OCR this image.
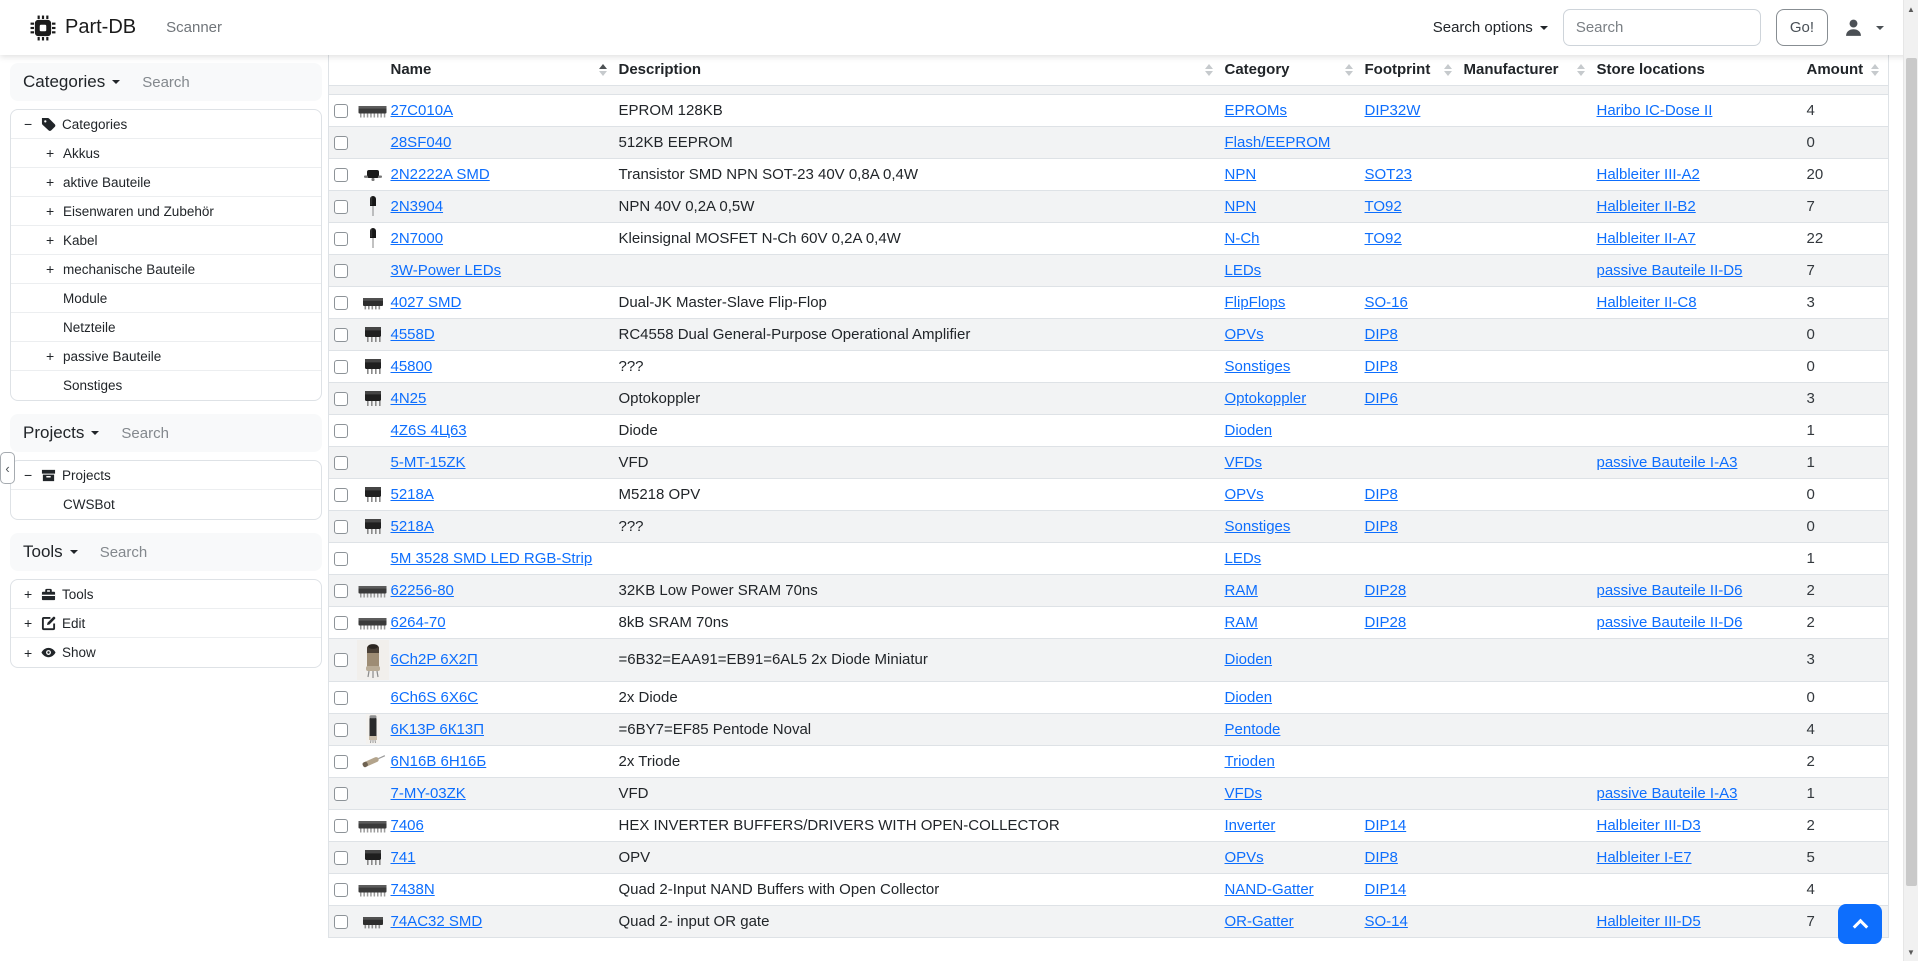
Part-DB Scanner	Search options
Search	Go!
Categories
Search
−	Categories
+ Akkus
+ aktive Bauteile
+ Eisenwaren und Zubehör
+ Kabel
+ mechanische Bauteile
Module
Netzteile
+ passive Bauteile
Sonstiges
Projects
Search
−	Projects
CWSBot
Tools
Search
+	Tools
+	Edit
+	Show
‹

		Name	Description	Category	Footprint	Manufacturer	Store locations	Amount

	27C010A	EPROM 128KB	EPROMs	DIP32W		Haribo IC-Dose II	4
		28SF040	512KB EEPROM	Flash/EEPROM				0

	2N2222A SMD	Transistor SMD NPN SOT-23 40V 0,8A 0,4W	NPN	SOT23		Halbleiter III-A2	20

	2N3904	NPN 40V 0,2A 0,5W	NPN	TO92		Halbleiter II-B2	7

	2N7000	Kleinsignal MOSFET N-Ch 60V 0,2A 0,4W	N-Ch	TO92		Halbleiter II-A7	22
		3W-Power LEDs		LEDs			passive Bauteile II-D5	7

	4027 SMD	Dual-JK Master-Slave Flip-Flop	FlipFlops	SO-16		Halbleiter II-C8	3

	4558D	RC4558 Dual General-Purpose Operational Amplifier	OPVs	DIP8			0

	45800	???	Sonstiges	DIP8			0

	4N25	Optokoppler	Optokoppler	DIP6			3
		4Z6S 4Ц63	Diode	Dioden				1
		5-MT-15ZK	VFD	VFDs			passive Bauteile I-A3	1

	5218A	M5218 OPV	OPVs	DIP8			0

	5218A	???	Sonstiges	DIP8			0
		5M 3528 SMD LED RGB-Strip		LEDs				1

	62256-80	32KB Low Power SRAM 70ns	RAM	DIP28		passive Bauteile II-D6	2

	6264-70	8kB SRAM 70ns	RAM	DIP28		passive Bauteile II-D6	2

	6Ch2P 6Х2П	=6B32=EAA91=EB91=6AL5 2x Diode Miniatur	Dioden				3
		6Ch6S 6X6C	2x Diode	Dioden				0

	6K13P 6К13П	=6BY7=EF85 Pentode Noval	Pentode				4

	6N16B 6Н16Б	2x Triode	Trioden				2
		7-MY-03ZK	VFD	VFDs			passive Bauteile I-A3	1

	7406	HEX INVERTER BUFFERS/DRIVERS WITH OPEN-COLLECTOR	Inverter	DIP14		Halbleiter III-D3	2

	741	OPV	OPVs	DIP8		Halbleiter I-E7	5

	7438N	Quad 2-Input NAND Buffers with Open Collector	NAND-Gatter	DIP14			4

	74AC32 SMD	Quad 2- input OR gate	OR-Gatter	SO-14		Halbleiter III-D5	7
▲
▼
